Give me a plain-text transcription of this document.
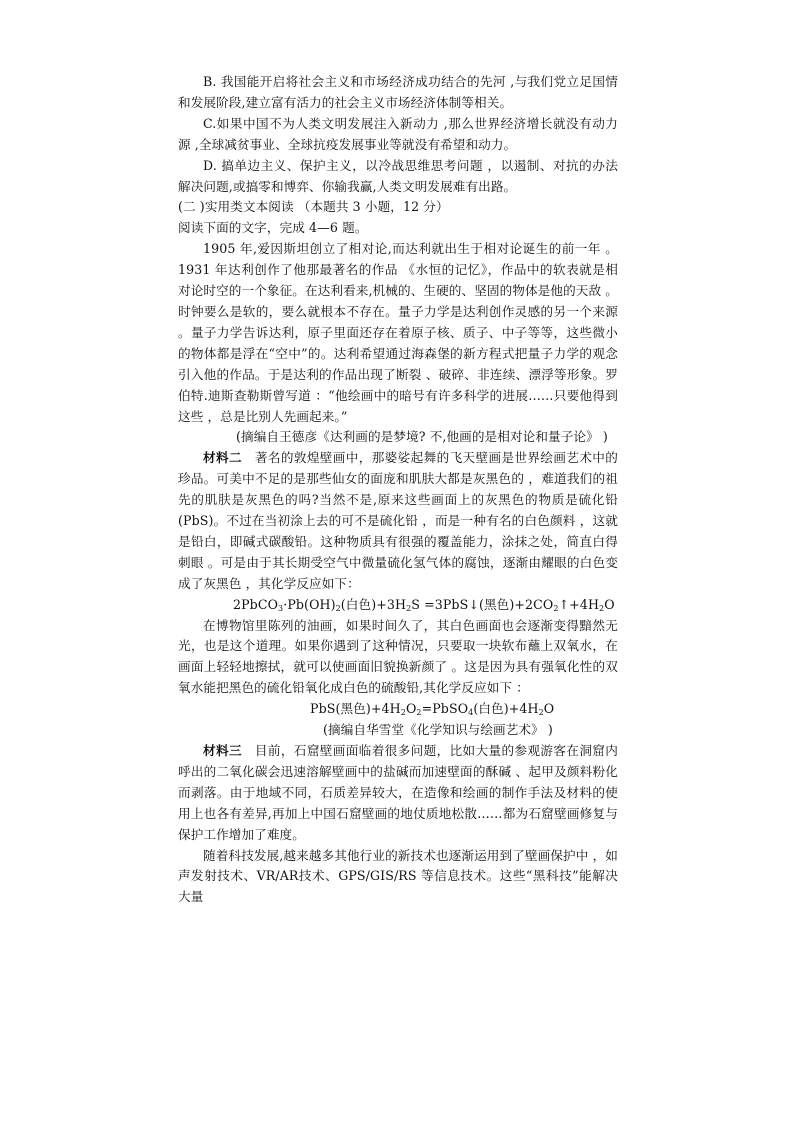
B. 我国能开启将社会主义和市场经济成功结合的先河 ,与我们党立足国情和发展阶段,建立富有活力的社会主义市场经济体制等相关。

C.如果中国不为人类文明发展注入新动力 ,那么世界经济增长就没有动力源 ,全球减贫事业、全球抗疫发展事业等就没有希望和动力。

D. 搞单边主义、保护主义，以冷战思维思考问题 ，以遏制、对抗的办法解决问题,或搞零和博弈、你输我赢,人类文明发展难有出路。

(二 )实用类文本阅读 （本题共 3 小题，12 分）

阅读下面的文字，完成 4—6 题。

1905 年,爱因斯坦创立了相对论,而达利就出生于相对论诞生的前一年 。1931 年达利创作了他那最著名的作品 《水恒的记忆》，作品中的软表就是相对论时空的一个象征。在达利看来,机械的、生硬的、坚固的物体是他的天敌 。时钟要么是软的，要么就根本不存在。量子力学是达利创作灵感的另一个来源 。量子力学告诉达利，原子里面还存在着原子核、质子、中子等等，这些微小的物体都是浮在“空中”的。达利希望通过海森堡的新方程式把量子力学的观念引入他的作品。于是达利的作品出现了断裂 、破碎、非连续、漂浮等形象。罗伯特.迪斯查勒斯曾写道 ：“他绘画中的暗号有许多科学的进展……只要他得到这些 ，总是比别人先画起来。”

(摘编自王德彦《达利画的是梦境? 不,他画的是相对论和量子论》 )

材料二　 著名的敦煌壁画中，那婆娑起舞的飞天壁画是世界绘画艺术中的珍品。可美中不足的是那些仙女的面庞和肌肤大都是灰黑色的 ，难道我们的祖先的肌肤是灰黑色的吗?当然不是,原来这些画面上的灰黑色的物质是硫化铅 (PbS)。不过在当初涂上去的可不是硫化铅 ，而是一种有名的白色颜料 ，这就是铅白，即碱式碳酸铅。这种物质具有很强的覆盖能力，涂抹之处，简直白得刺眼 。可是由于其长期受空气中微量硫化氢气体的腐蚀，逐渐由耀眼的白色变成了灰黑色 ，其化学反应如下：

$2PbCO_3\cdot Pb(OH)_2$(白色)$+3H_2S$ =3PbS↓(黑色)$+2CO_2↑+4H_2O$

在博物馆里陈列的油画，如果时间久了，其白色画面也会逐渐变得黯然无光，也是这个道理。如果你遇到了这种情况，只要取一块软布蘸上双氧水，在画面上轻轻地擦拭，就可以使画面旧貌换新颜了 。这是因为具有强氧化性的双氧水能把黑色的硫化铅氧化成白色的硫酸铅,其化学反应如下 ：

PbS(黑色)$+4H_2O_2=PbSO_4$(白色)$+4H_2O$

(摘编自华雪堂《化学知识与绘画艺术》 )

材料三　 目前，石窟壁画面临着很多问题，比如大量的参观游客在洞窟内呼出的二氧化碳会迅速溶解壁画中的盐碱而加速壁面的酥碱 、起甲及颜料粉化而剥落。由于地域不同，石质差异较大，在造像和绘画的制作手法及材料的使用上也各有差异,再加上中国石窟壁画的地仗质地松散……都为石窟壁画修复与保护工作增加了难度。

随着科技发展,越来越多其他行业的新技术也逐渐运用到了壁画保护中 ，如声发射技术、VR/AR技术、GPS/GIS/RS 等信息技术。这些“黑科技”能解决大量
